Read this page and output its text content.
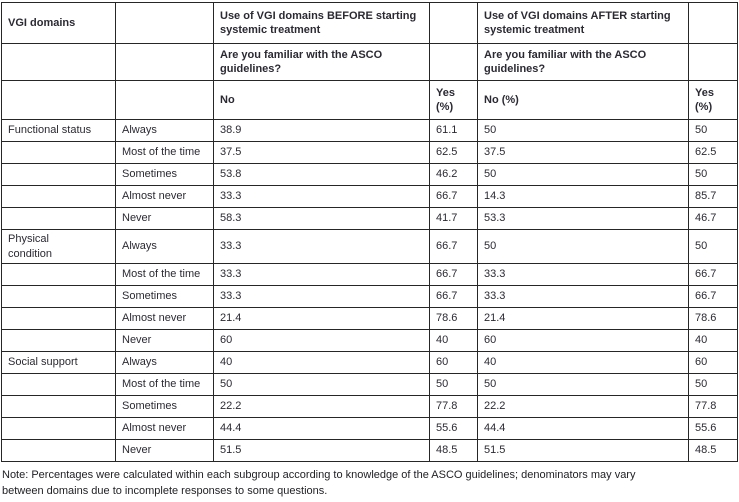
VGI domains		Use of VGI domains BEFORE starting systemic treatment		Use of VGI domains AFTER starting systemic treatment	
		Are you familiar with the ASCO guidelines?		Are you familiar with the ASCO guidelines?	
		No	Yes (%)	No (%)	Yes (%)
Functional status	Always	38.9	61.1	50	50
	Most of the time	37.5	62.5	37.5	62.5
	Sometimes	53.8	46.2	50	50
	Almost never	33.3	66.7	14.3	85.7
	Never	58.3	41.7	53.3	46.7
Physical condition	Always	33.3	66.7	50	50
	Most of the time	33.3	66.7	33.3	66.7
	Sometimes	33.3	66.7	33.3	66.7
	Almost never	21.4	78.6	21.4	78.6
	Never	60	40	60	40
Social support	Always	40	60	40	60
	Most of the time	50	50	50	50
	Sometimes	22.2	77.8	22.2	77.8
	Almost never	44.4	55.6	44.4	55.6
	Never	51.5	48.5	51.5	48.5
Note: Percentages were calculated within each subgroup according to knowledge of the ASCO guidelines; denominators may vary
between domains due to incomplete responses to some questions.
